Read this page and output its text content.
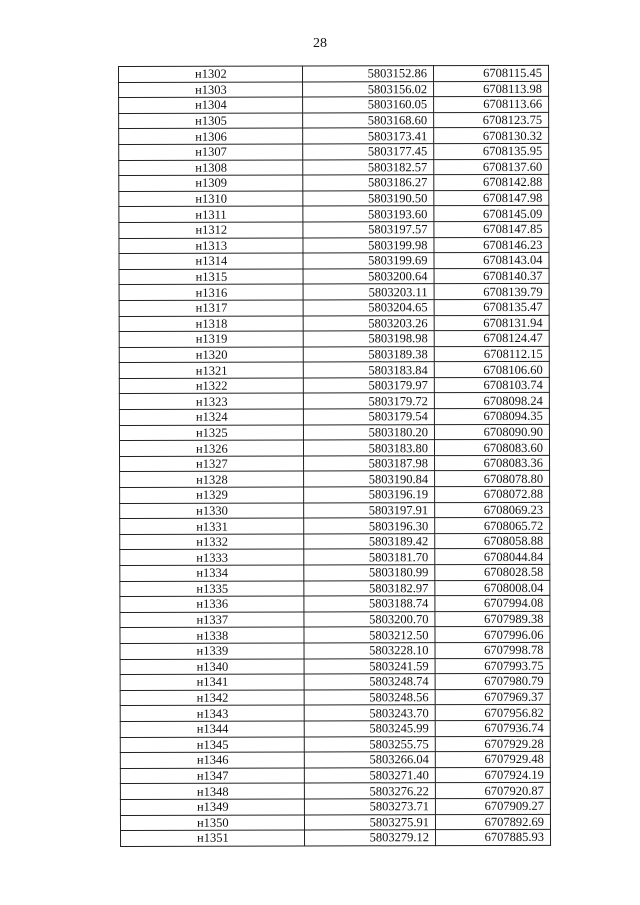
28
н1302	5803152.86	6708115.45
н1303	5803156.02	6708113.98
н1304	5803160.05	6708113.66
н1305	5803168.60	6708123.75
н1306	5803173.41	6708130.32
н1307	5803177.45	6708135.95
н1308	5803182.57	6708137.60
н1309	5803186.27	6708142.88
н1310	5803190.50	6708147.98
н1311	5803193.60	6708145.09
н1312	5803197.57	6708147.85
н1313	5803199.98	6708146.23
н1314	5803199.69	6708143.04
н1315	5803200.64	6708140.37
н1316	5803203.11	6708139.79
н1317	5803204.65	6708135.47
н1318	5803203.26	6708131.94
н1319	5803198.98	6708124.47
н1320	5803189.38	6708112.15
н1321	5803183.84	6708106.60
н1322	5803179.97	6708103.74
н1323	5803179.72	6708098.24
н1324	5803179.54	6708094.35
н1325	5803180.20	6708090.90
н1326	5803183.80	6708083.60
н1327	5803187.98	6708083.36
н1328	5803190.84	6708078.80
н1329	5803196.19	6708072.88
н1330	5803197.91	6708069.23
н1331	5803196.30	6708065.72
н1332	5803189.42	6708058.88
н1333	5803181.70	6708044.84
н1334	5803180.99	6708028.58
н1335	5803182.97	6708008.04
н1336	5803188.74	6707994.08
н1337	5803200.70	6707989.38
н1338	5803212.50	6707996.06
н1339	5803228.10	6707998.78
н1340	5803241.59	6707993.75
н1341	5803248.74	6707980.79
н1342	5803248.56	6707969.37
н1343	5803243.70	6707956.82
н1344	5803245.99	6707936.74
н1345	5803255.75	6707929.28
н1346	5803266.04	6707929.48
н1347	5803271.40	6707924.19
н1348	5803276.22	6707920.87
н1349	5803273.71	6707909.27
н1350	5803275.91	6707892.69
н1351	5803279.12	6707885.93
